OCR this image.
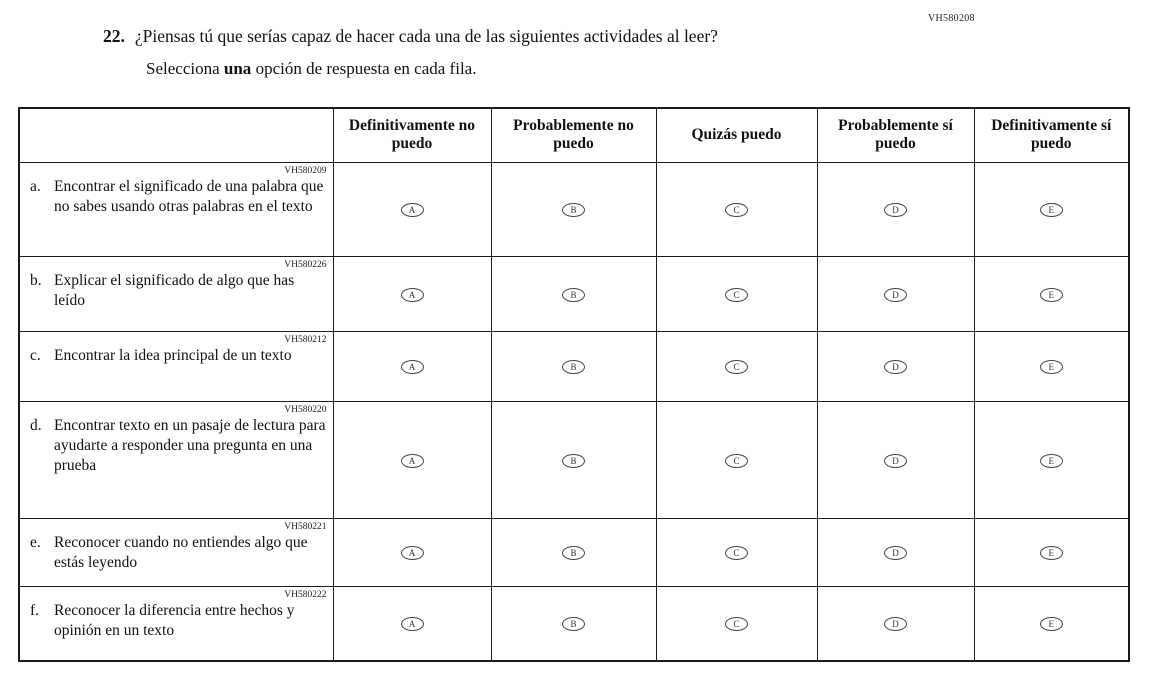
VH580208
22. ¿Piensas tú que serías capaz de hacer cada una de las siguientes actividades al leer?
Selecciona una opción de respuesta en cada fila.
	Definitivamente no puedo	Probablemente no puedo	Quizás puedo	Probablemente sí puedo	Definitivamente sí puedo

VH580209
a. Encontrar el significado de una palabra que no sabes usando otras palabras en el texto	A	B	C	D	E

VH580226
b. Explicar el significado de algo que has leído	A	B	C	D	E

VH580212
c. Encontrar la idea principal de un texto	A	B	C	D	E

VH580220
d. Encontrar texto en un pasaje de lectura para ayudarte a responder una pregunta en una prueba	A	B	C	D	E

VH580221
e. Reconocer cuando no entiendes algo que estás leyendo	A	B	C	D	E

VH580222
f. Reconocer la diferencia entre hechos y opinión en un texto	A	B	C	D	E
